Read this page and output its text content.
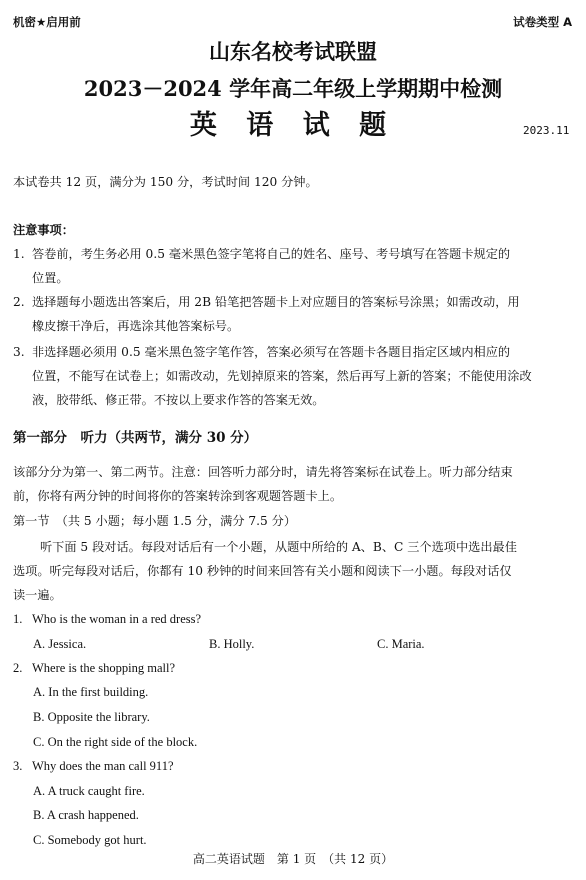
机密★启用前	试卷类型 A
山东名校考试联盟
2023－2024 学年高二年级上学期期中检测
英 语 试 题	2023.11
本试卷共 12 页，满分为 150 分，考试时间 120 分钟。
注意事项：
1. 答卷前，考生务必用 0.5 毫米黑色签字笔将自己的姓名、座号、考号填写在答题卡规定的
位置。
2. 选择题每小题选出答案后，用 2B 铅笔把答题卡上对应题目的答案标号涂黑；如需改动，用
橡皮擦干净后，再选涂其他答案标号。
3. 非选择题必须用 0.5 毫米黑色签字笔作答，答案必须写在答题卡各题目指定区域内相应的
位置，不能写在试卷上；如需改动，先划掉原来的答案，然后再写上新的答案；不能使用涂改
液，胶带纸、修正带。不按以上要求作答的答案无效。
第一部分　听力（共两节，满分 30 分）
该部分分为第一、第二两节。注意：回答听力部分时，请先将答案标在试卷上。听力部分结束
前，你将有两分钟的时间将你的答案转涂到客观题答题卡上。
第一节　（共 5 小题；每小题 1.5 分，满分 7.5 分）
听下面 5 段对话。每段对话后有一个小题，从题中所给的 A、B、C 三个选项中选出最佳
选项。听完每段对话后，你都有 10 秒钟的时间来回答有关小题和阅读下一小题。每段对话仅
读一遍。
1. Who is the woman in a red dress?
A. Jessica.	B. Holly.	C. Maria.
2. Where is the shopping mall?
A. In the first building.
B. Opposite the library.
C. On the right side of the block.
3. Why does the man call 911?
A. A truck caught fire.
B. A crash happened.
C. Somebody got hurt.
高二英语试题　第 1 页　（共 12 页）
